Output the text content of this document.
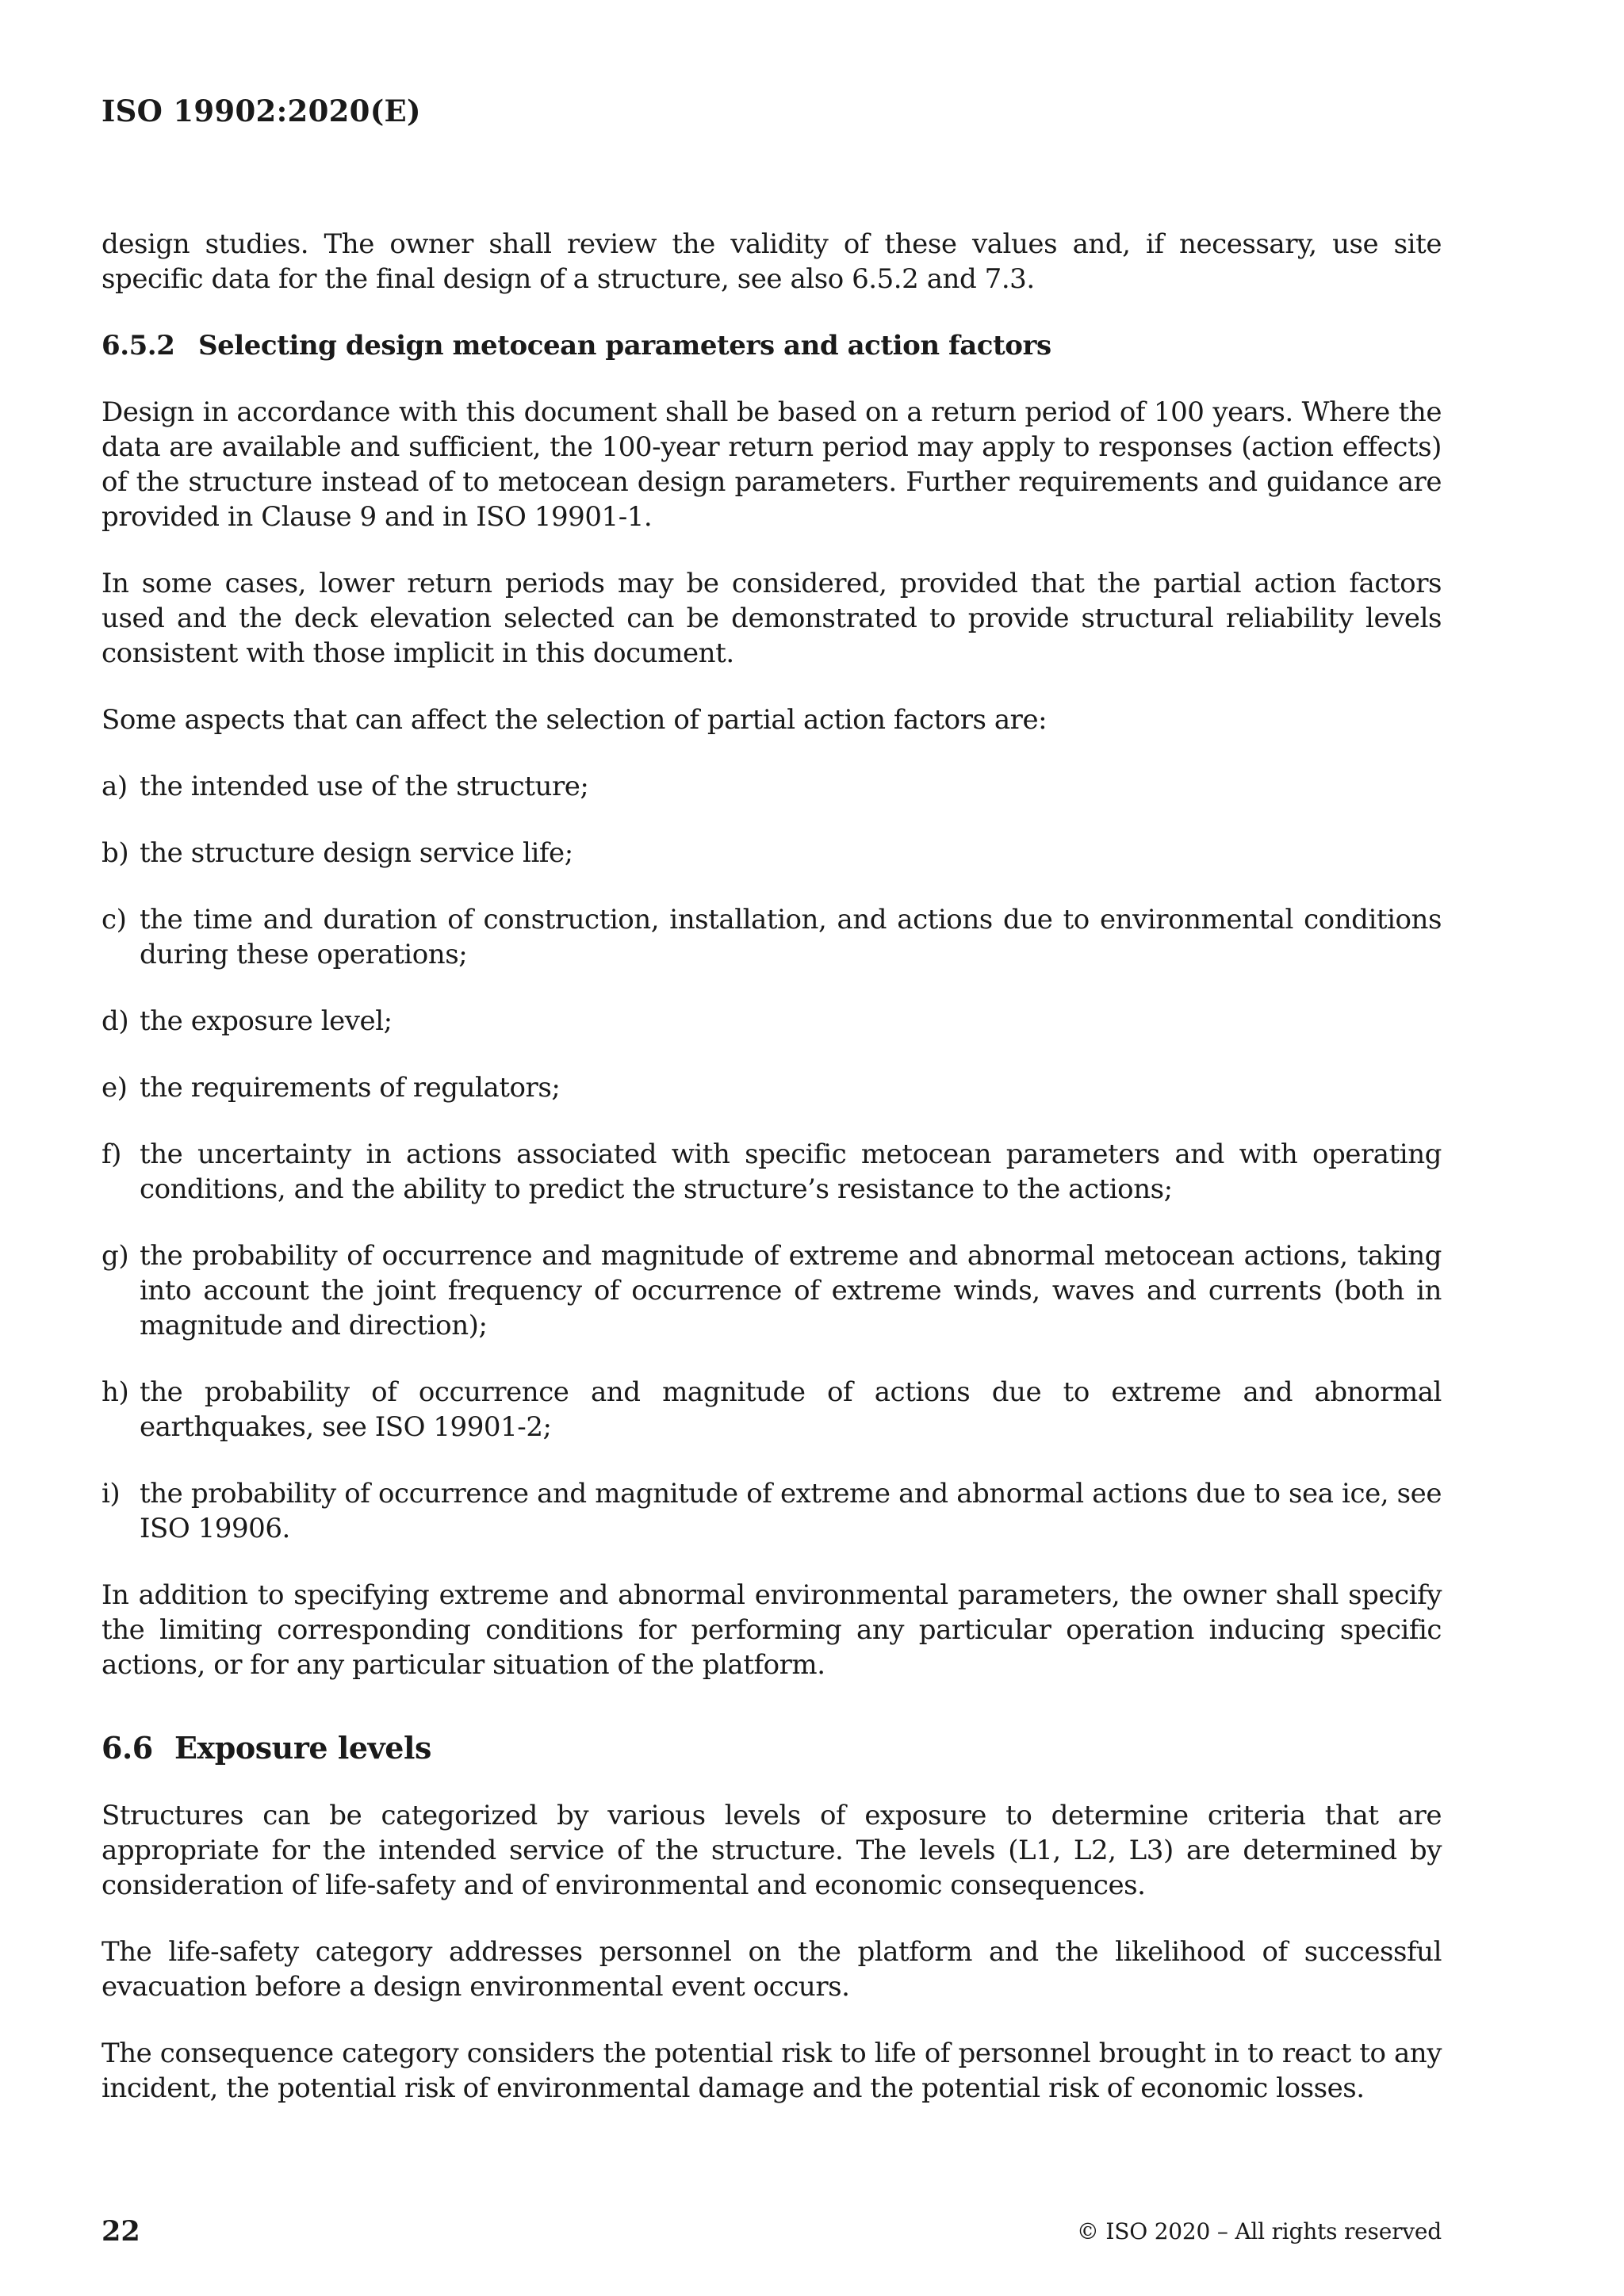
ISO 19902:2020(E)

design studies. The owner shall review the validity of these values and, if necessary, use site specific data for the final design of a structure, see also 6.5.2 and 7.3.

6.5.2 Selecting design metocean parameters and action factors

Design in accordance with this document shall be based on a return period of 100 years. Where the data are available and sufficient, the 100-year return period may apply to responses (action effects) of the structure instead of to metocean design parameters. Further requirements and guidance are provided in Clause 9 and in ISO 19901-1.

In some cases, lower return periods may be considered, provided that the partial action factors used and the deck elevation selected can be demonstrated to provide structural reliability levels consistent with those implicit in this document.

Some aspects that can affect the selection of partial action factors are:

a) the intended use of the structure;
b) the structure design service life;
c) the time and duration of construction, installation, and actions due to environmental conditions during these operations;
d) the exposure level;
e) the requirements of regulators;
f) the uncertainty in actions associated with specific metocean parameters and with operating conditions, and the ability to predict the structure’s resistance to the actions;
g) the probability of occurrence and magnitude of extreme and abnormal metocean actions, taking into account the joint frequency of occurrence of extreme winds, waves and currents (both in magnitude and direction);
h) the probability of occurrence and magnitude of actions due to extreme and abnormal earthquakes, see ISO 19901-2;
i) the probability of occurrence and magnitude of extreme and abnormal actions due to sea ice, see ISO 19906.

In addition to specifying extreme and abnormal environmental parameters, the owner shall specify the limiting corresponding conditions for performing any particular operation inducing specific actions, or for any particular situation of the platform.

6.6 Exposure levels

Structures can be categorized by various levels of exposure to determine criteria that are appropriate for the intended service of the structure. The levels (L1, L2, L3) are determined by consideration of life-safety and of environmental and economic consequences.

The life-safety category addresses personnel on the platform and the likelihood of successful evacuation before a design environmental event occurs.

The consequence category considers the potential risk to life of personnel brought in to react to any incident, the potential risk of environmental damage and the potential risk of economic losses.

22	© ISO 2020 – All rights reserved
